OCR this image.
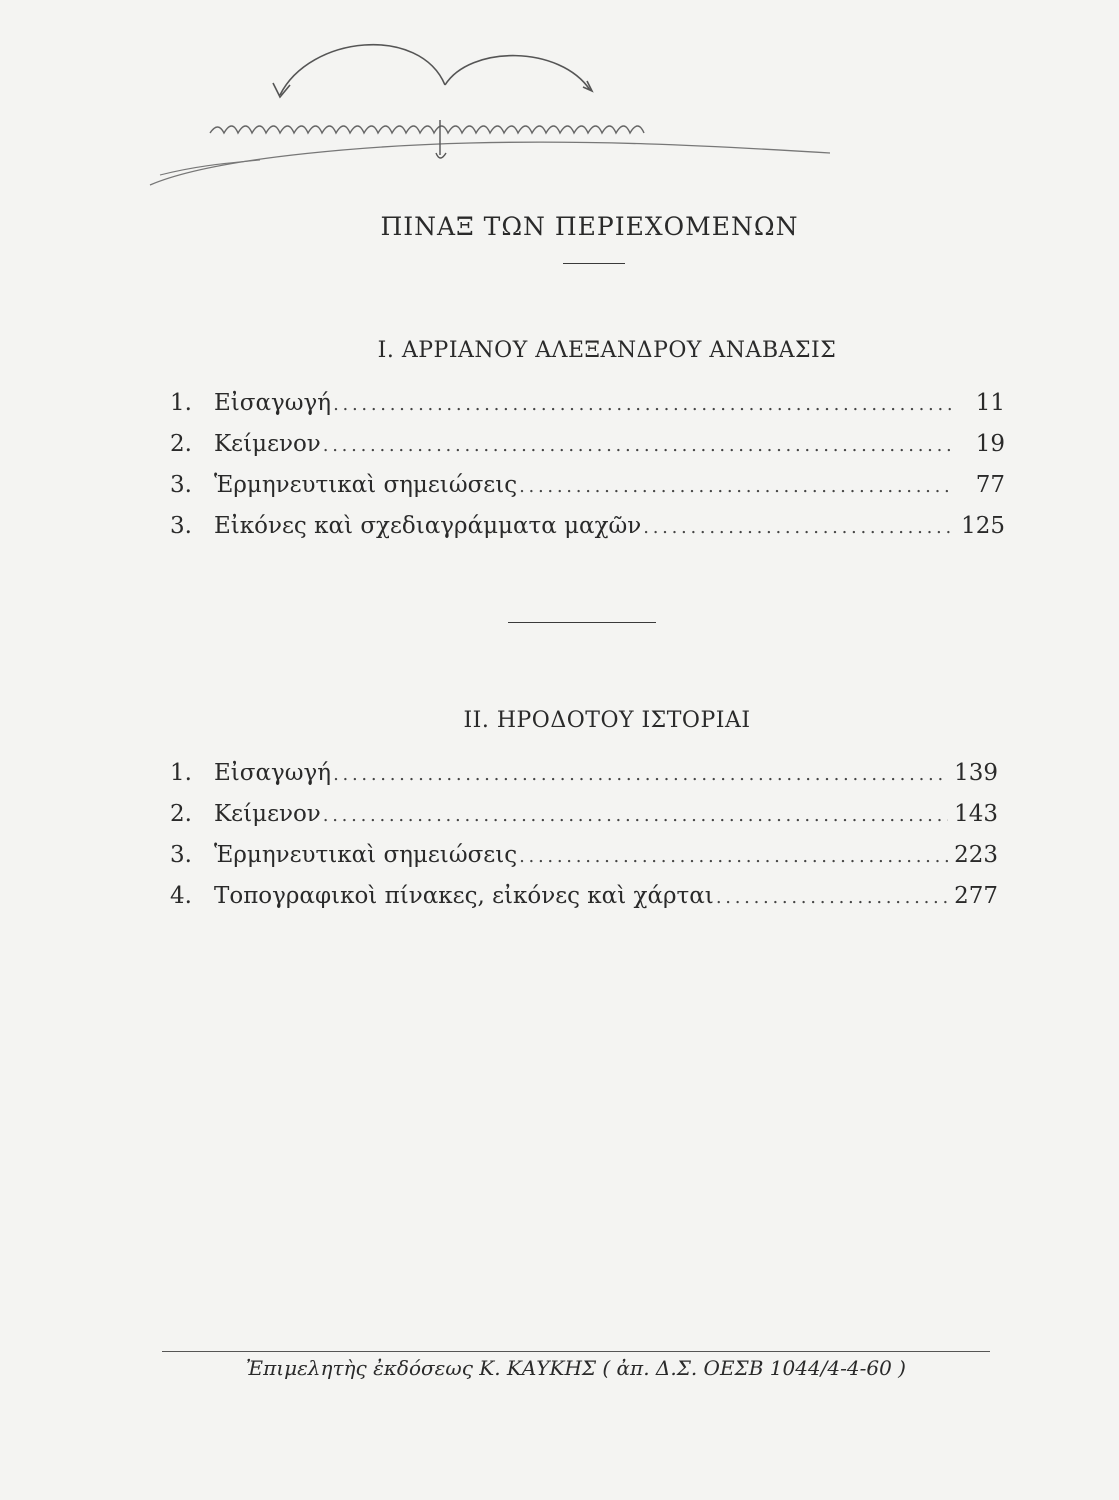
ΠΙΝΑΞ ΤΩΝ ΠΕΡΙΕΧΟΜΕΝΩΝ
I. ΑΡΡΙΑΝΟΥ ΑΛΕΞΑΝΔΡΟΥ ΑΝΑΒΑΣΙΣ
1. Εἰσαγωγή . . .	11
2. Κείμενον . . .	19
3. Ἑρμηνευτικαὶ σημειώσεις . . .	77
3. Εἰκόνες καὶ σχεδιαγράμματα μαχῶν . . .	125
II. ΗΡΟΔΟΤΟΥ ΙΣΤΟΡΙΑΙ
1. Εἰσαγωγή . . .	139
2. Κείμενον . . .	143
3. Ἑρμηνευτικαὶ σημειώσεις . . .	223
4. Τοπογραφικοὶ πίνακες, εἰκόνες καὶ χάρται . . .	277
Ἐπιμελητὴς ἐκδόσεως Κ. ΚΑΥΚΗΣ ( ἀπ. Δ.Σ. ΟΕΣΒ 1044/4-4-60 )
